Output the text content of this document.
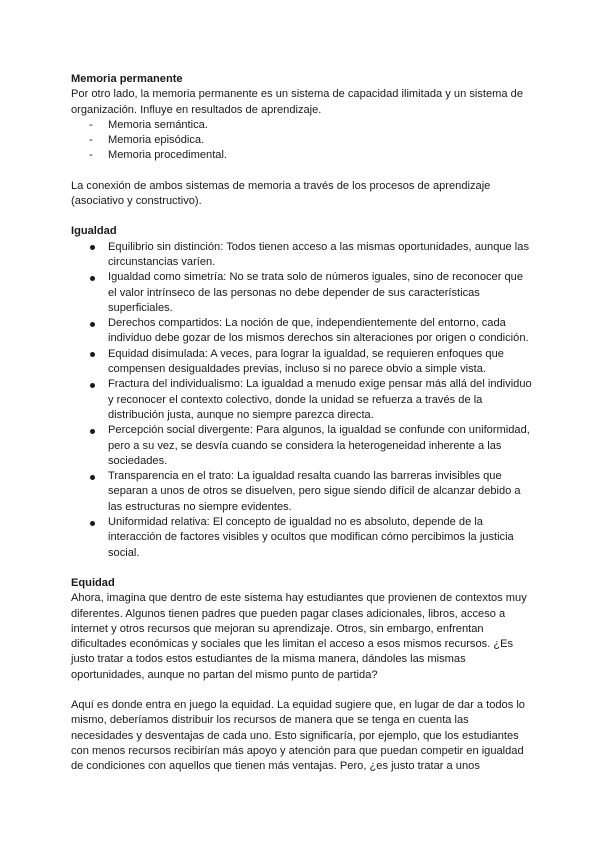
Memoria permanente

Por otro lado, la memoria permanente es un sistema de capacidad ilimitada y un sistema de organización. Influye en resultados de aprendizaje.

- Memoria semántica.
- Memoria episódica.
- Memoria procedimental.

La conexión de ambos sistemas de memoria a través de los procesos de aprendizaje (asociativo y constructivo).

Igualdad
Equilibrio sin distinción: Todos tienen acceso a las mismas oportunidades, aunque las circunstancias varíen.
Igualdad como simetría: No se trata solo de números iguales, sino de reconocer que el valor intrínseco de las personas no debe depender de sus características superficiales.
Derechos compartidos: La noción de que, independientemente del entorno, cada individuo debe gozar de los mismos derechos sin alteraciones por origen o condición.
Equidad disimulada: A veces, para lograr la igualdad, se requieren enfoques que compensen desigualdades previas, incluso si no parece obvio a simple vista.
Fractura del individualismo: La igualdad a menudo exige pensar más allá del individuo y reconocer el contexto colectivo, donde la unidad se refuerza a través de la distribución justa, aunque no siempre parezca directa.
Percepción social divergente: Para algunos, la igualdad se confunde con uniformidad, pero a su vez, se desvía cuando se considera la heterogeneidad inherente a las sociedades.
Transparencia en el trato: La igualdad resalta cuando las barreras invisibles que separan a unos de otros se disuelven, pero sigue siendo difícil de alcanzar debido a las estructuras no siempre evidentes.
Uniformidad relativa: El concepto de igualdad no es absoluto, depende de la interacción de factores visibles y ocultos que modifican cómo percibimos la justicia social.
Equidad

Ahora, imagina que dentro de este sistema hay estudiantes que provienen de contextos muy diferentes. Algunos tienen padres que pueden pagar clases adicionales, libros, acceso a internet y otros recursos que mejoran su aprendizaje. Otros, sin embargo, enfrentan dificultades económicas y sociales que les limitan el acceso a esos mismos recursos. ¿Es justo tratar a todos estos estudiantes de la misma manera, dándoles las mismas oportunidades, aunque no partan del mismo punto de partida?

Aquí es donde entra en juego la equidad. La equidad sugiere que, en lugar de dar a todos lo mismo, deberíamos distribuir los recursos de manera que se tenga en cuenta las necesidades y desventajas de cada uno. Esto significaría, por ejemplo, que los estudiantes con menos recursos recibirían más apoyo y atención para que puedan competir en igualdad de condiciones con aquellos que tienen más ventajas. Pero, ¿es justo tratar a unos
